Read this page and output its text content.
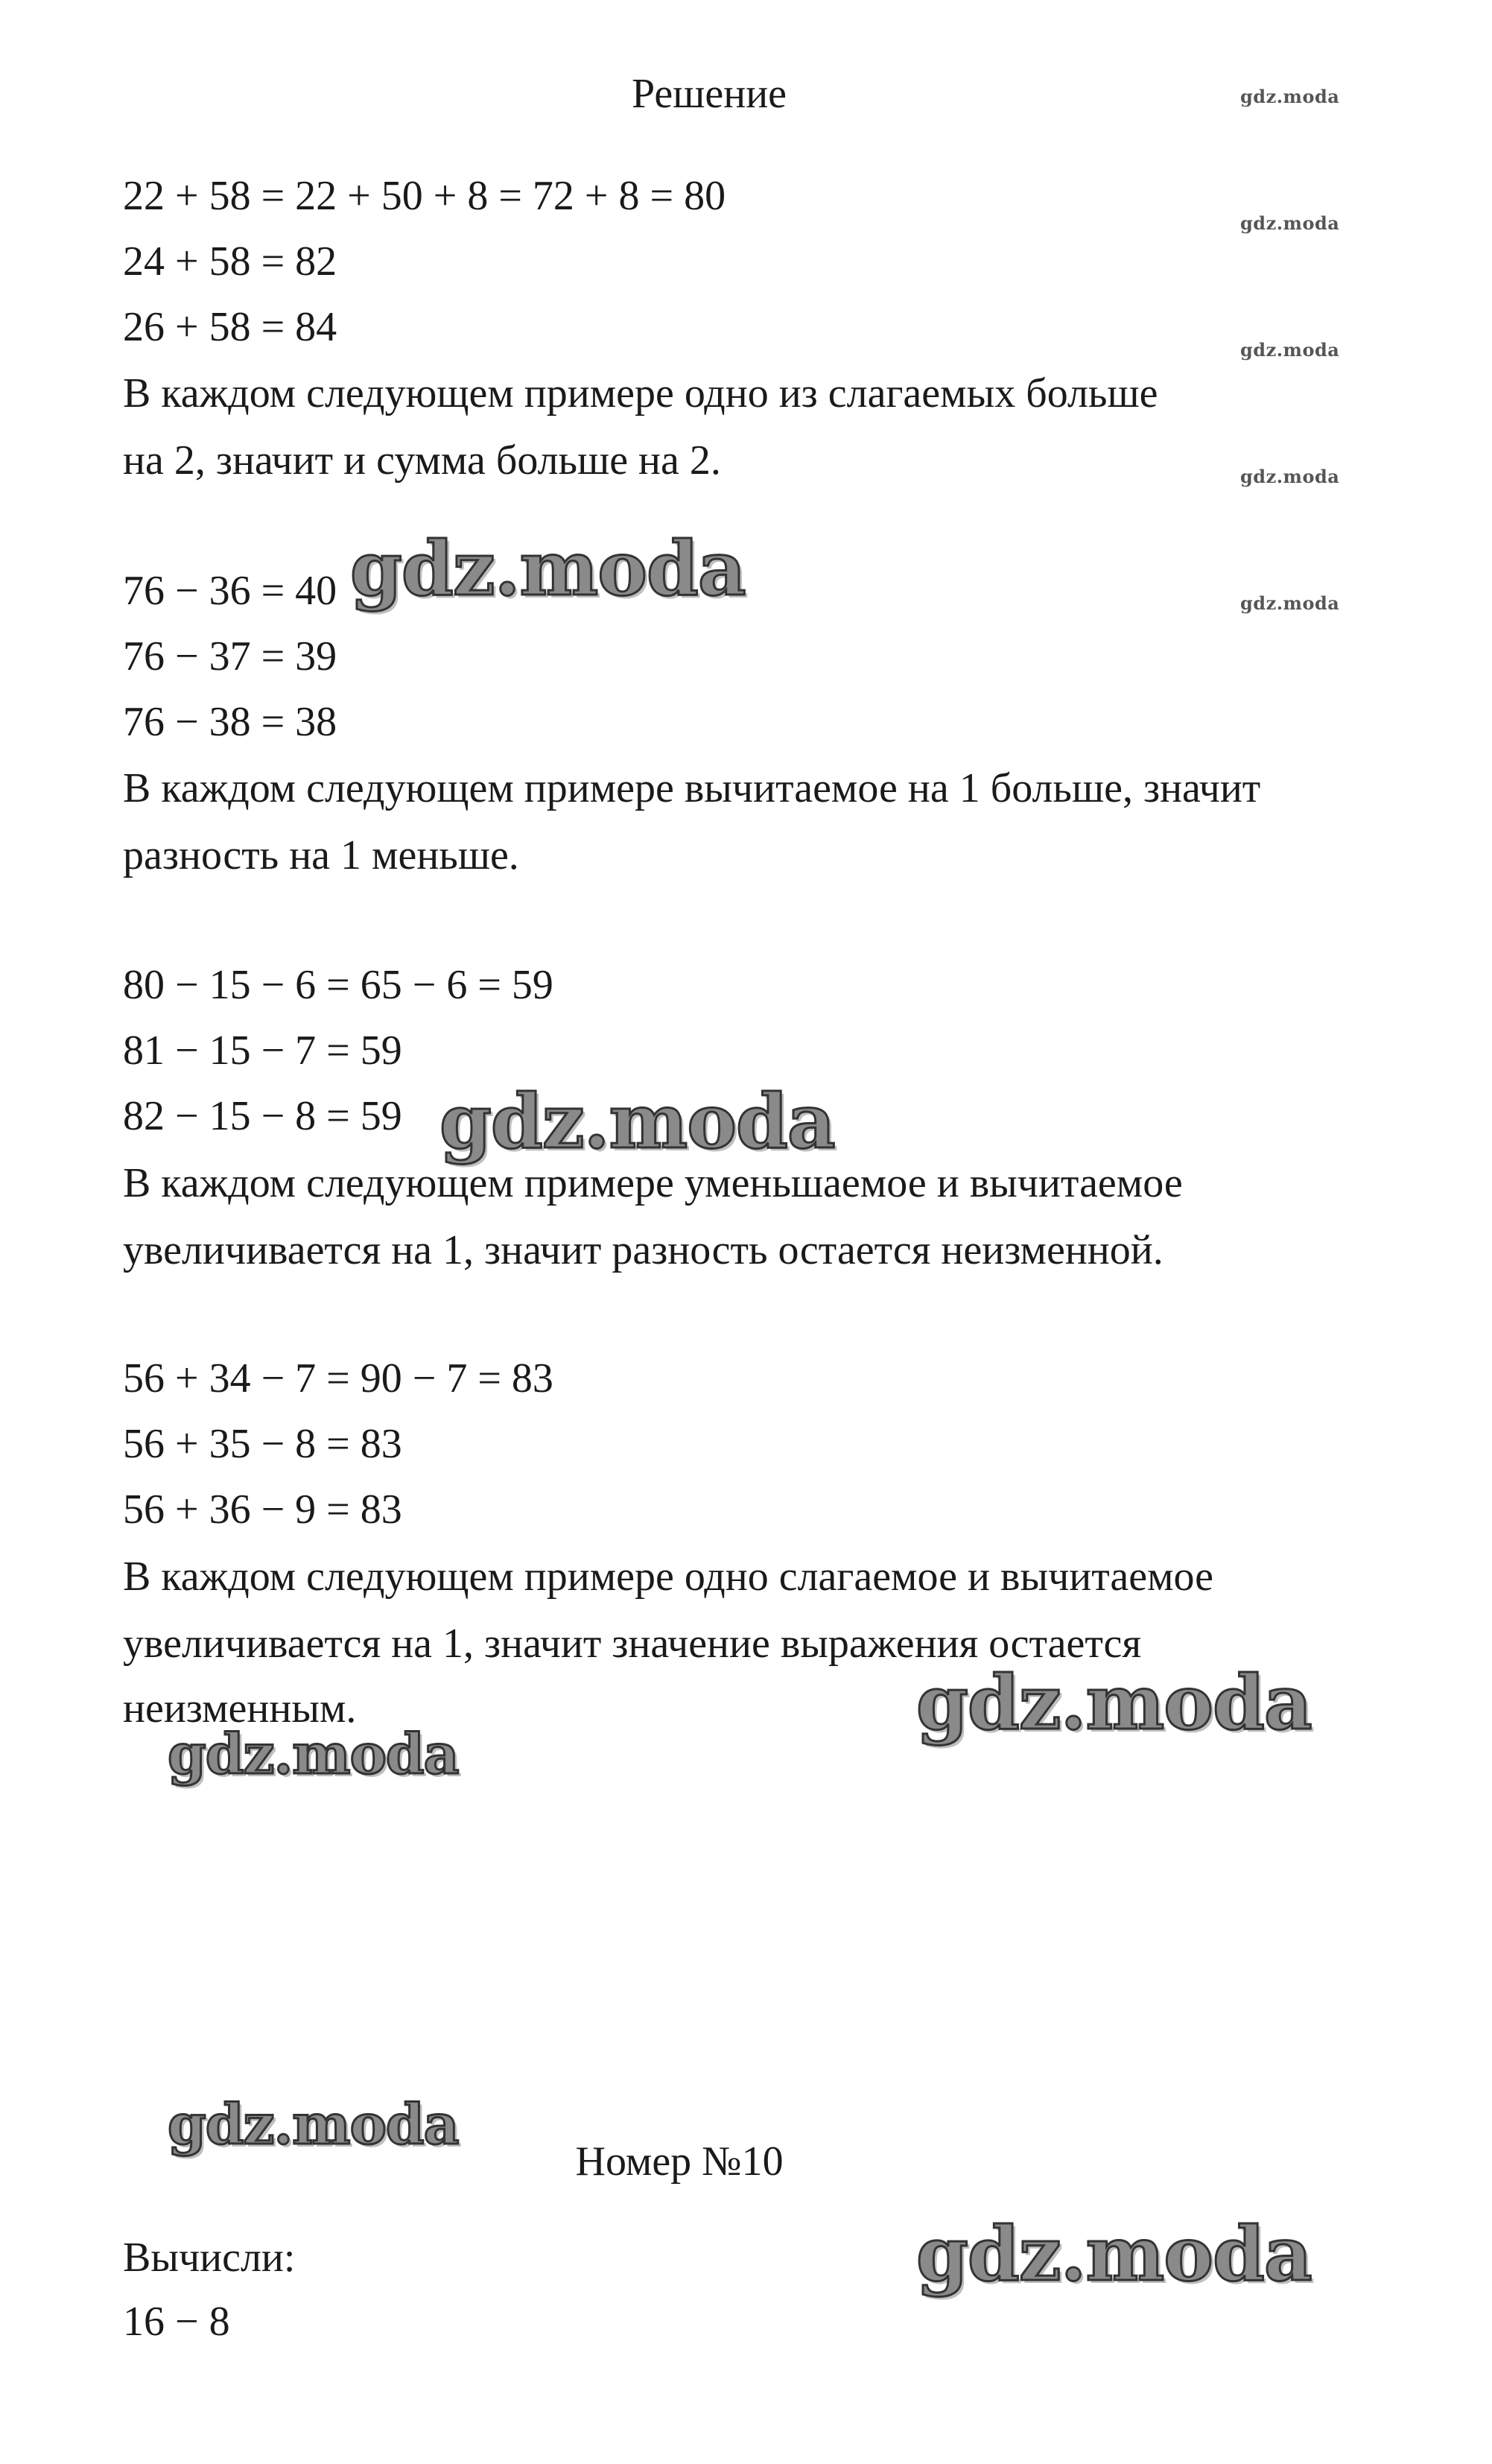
Решение
22 + 58 = 22 + 50 + 8 = 72 + 8 = 80
24 + 58 = 82
26 + 58 = 84
В каждом следующем примере одно из слагаемых больше
на 2, значит и сумма больше на 2.
76 − 36 = 40
76 − 37 = 39
76 − 38 = 38
В каждом следующем примере вычитаемое на 1 больше, значит
разность на 1 меньше.
80 − 15 − 6 = 65 − 6 = 59
81 − 15 − 7 = 59
82 − 15 − 8 = 59
В каждом следующем примере уменьшаемое и вычитаемое
увеличивается на 1, значит разность остается неизменной.
56 + 34 − 7 = 90 − 7 = 83
56 + 35 − 8 = 83
56 + 36 − 9 = 83
В каждом следующем примере одно слагаемое и вычитаемое
увеличивается на 1, значит значение выражения остается
неизменным.
Номер №10
Вычисли:
16 − 8
gdz.moda
gdz.moda
gdz.moda
gdz.moda
gdz.moda
gdz.moda
gdz.moda
gdz.moda
gdz.moda
gdz.moda
gdz.moda
